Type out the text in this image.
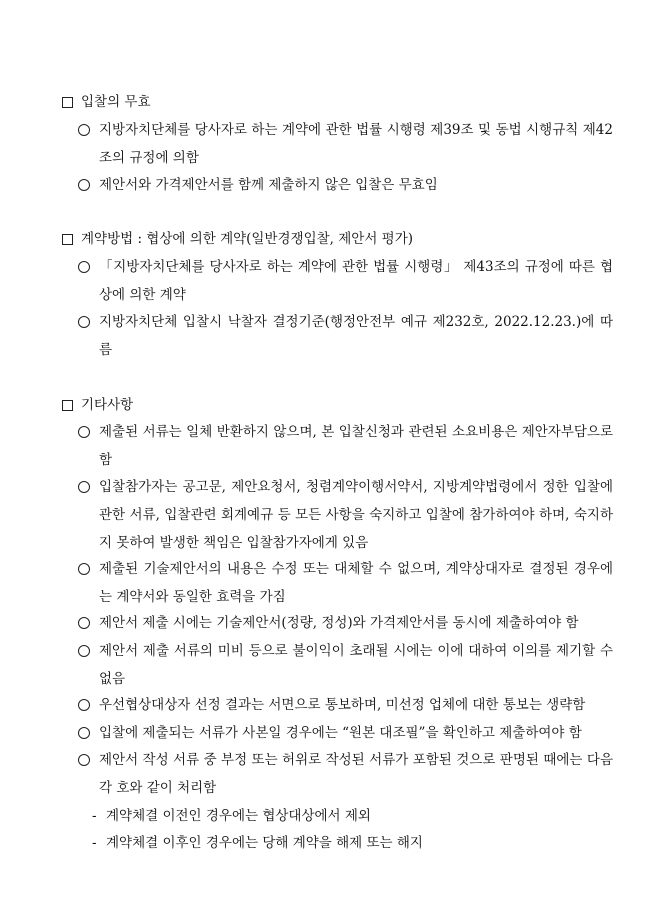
입찰의 무효
지방자치단체를 당사자로 하는 계약에 관한 법률 시행령 제39조 및 동법 시행규칙 제42조의 규정에 의함
제안서와 가격제안서를 함께 제출하지 않은 입찰은 무효임
계약방법 : 협상에 의한 계약(일반경쟁입찰, 제안서 평가)
「지방자치단체를 당사자로 하는 계약에 관한 법률 시행령」 제43조의 규정에 따른 협상에 의한 계약
지방자치단체 입찰시 낙찰자 결정기준(행정안전부 예규 제232호, 2022.12.23.)에 따름
기타사항
제출된 서류는 일체 반환하지 않으며, 본 입찰신청과 관련된 소요비용은 제안자부담으로 함
입찰참가자는 공고문, 제안요청서, 청렴계약이행서약서, 지방계약법령에서 정한 입찰에 관한 서류, 입찰관련 회계예규 등 모든 사항을 숙지하고 입찰에 참가하여야 하며, 숙지하지 못하여 발생한 책임은 입찰참가자에게 있음
제출된 기술제안서의 내용은 수정 또는 대체할 수 없으며, 계약상대자로 결정된 경우에는 계약서와 동일한 효력을 가짐
제안서 제출 시에는 기술제안서(정량, 정성)와 가격제안서를 동시에 제출하여야 함
제안서 제출 서류의 미비 등으로 불이익이 초래될 시에는 이에 대하여 이의를 제기할 수 없음
우선협상대상자 선정 결과는 서면으로 통보하며, 미선정 업체에 대한 통보는 생략함
입찰에 제출되는 서류가 사본일 경우에는 “원본 대조필”을 확인하고 제출하여야 함
제안서 작성 서류 중 부정 또는 허위로 작성된 서류가 포함된 것으로 판명된 때에는 다음 각 호와 같이 처리함
- 계약체결 이전인 경우에는 협상대상에서 제외
- 계약체결 이후인 경우에는 당해 계약을 해제 또는 해지
